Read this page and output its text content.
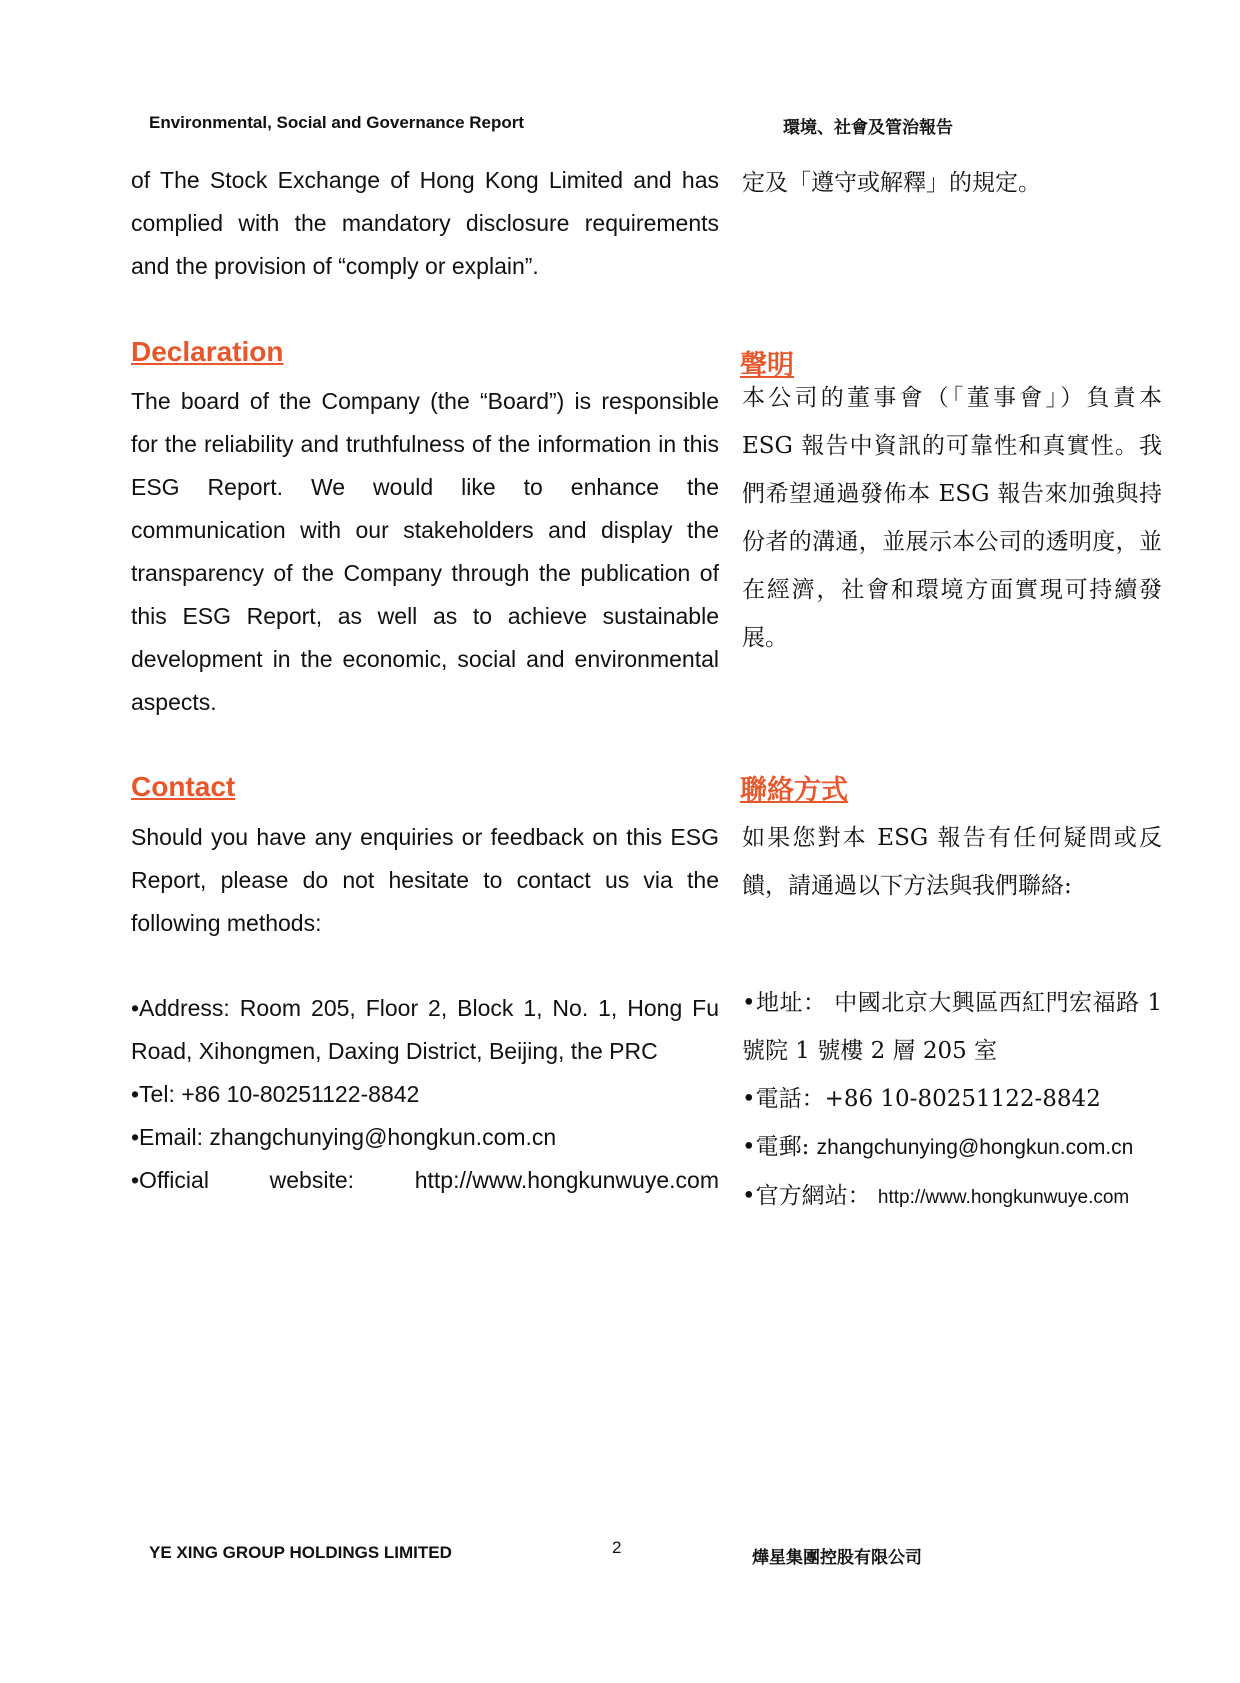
Environmental, Social and Governance Report	環境、社會及管治報告

of The Stock Exchange of Hong Kong Limited and has complied with the mandatory disclosure requirements and the provision of “comply or explain”.

定及「遵守或解釋」的規定。

Declaration	聲明

The board of the Company (the “Board”) is responsible for the reliability and truthfulness of the information in this ESG Report. We would like to enhance the communication with our stakeholders and display the transparency of the Company through the publication of this ESG Report, as well as to achieve sustainable development in the economic, social and environmental aspects.

本公司的董事會（「董事會」）負責本 ESG 報告中資訊的可靠性和真實性。我們希望通過發佈本 ESG 報告來加強與持份者的溝通，並展示本公司的透明度，並在經濟，社會和環境方面實現可持續發展。

Contact	聯絡方式

Should you have any enquiries or feedback on this ESG Report, please do not hesitate to contact us via the following methods:

如果您對本 ESG 報告有任何疑問或反饋，請通過以下方法與我們聯絡:

•Address: Room 205, Floor 2, Block 1, No. 1, Hong Fu Road, Xihongmen, Daxing District, Beijing, the PRC
•Tel: +86 10-80251122-8842
•Email: zhangchunying@hongkun.com.cn
•Official	website:	http://www.hongkunwuye.com
•地址： 中國北京大興區西紅門宏福路 1 號院 1 號樓 2 層 205 室
•電話：+86 10-80251122-8842
•電郵: zhangchunying@hongkun.com.cn
•官方網站： http://www.hongkunwuye.com
YE XING GROUP HOLDINGS LIMITED	2
燁星集團控股有限公司
